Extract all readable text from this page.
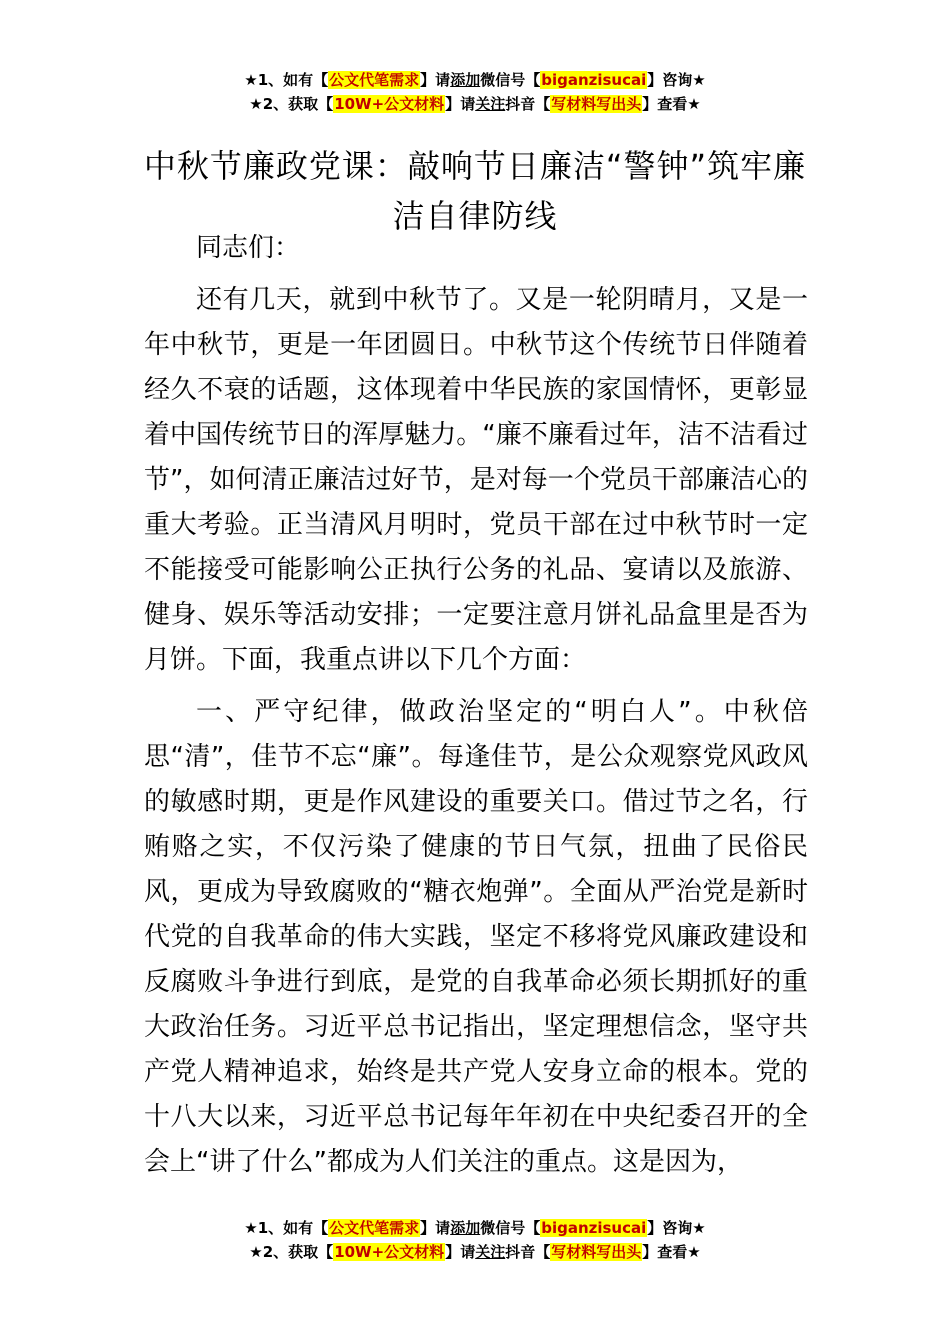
★1、如有【公文代笔需求】请添加微信号【biganzisucai】咨询★
★2、获取【10W+公文材料】请关注抖音【写材料写出头】查看★
中秋节廉政党课：敲响节日廉洁“警钟”筑牢廉洁自律防线

同志们：

还有几天，就到中秋节了。又是一轮阴晴月，又是一年中秋节，更是一年团圆日。中秋节这个传统节日伴随着经久不衰的话题，这体现着中华民族的家国情怀，更彰显着中国传统节日的浑厚魅力。“廉不廉看过年，洁不洁看过节”，如何清正廉洁过好节，是对每一个党员干部廉洁心的重大考验。正当清风月明时，党员干部在过中秋节时一定不能接受可能影响公正执行公务的礼品、宴请以及旅游、健身、娱乐等活动安排；一定要注意月饼礼品盒里是否为月饼。下面，我重点讲以下几个方面：

一、严守纪律，做政治坚定的“明白人”。中秋倍思“清”，佳节不忘“廉”。每逢佳节，是公众观察党风政风的敏感时期，更是作风建设的重要关口。借过节之名，行贿赂之实，不仅污染了健康的节日气氛，扭曲了民俗民风，更成为导致腐败的“糖衣炮弹”。全面从严治党是新时代党的自我革命的伟大实践，坚定不移将党风廉政建设和反腐败斗争进行到底，是党的自我革命必须长期抓好的重大政治任务。习近平总书记指出，坚定理想信念，坚守共产党人精神追求，始终是共产党人安身立命的根本。党的十八大以来，习近平总书记每年年初在中央纪委召开的全会上“讲了什么”都成为人们关注的重点。这是因为，

★1、如有【公文代笔需求】请添加微信号【biganzisucai】咨询★
★2、获取【10W+公文材料】请关注抖音【写材料写出头】查看★
